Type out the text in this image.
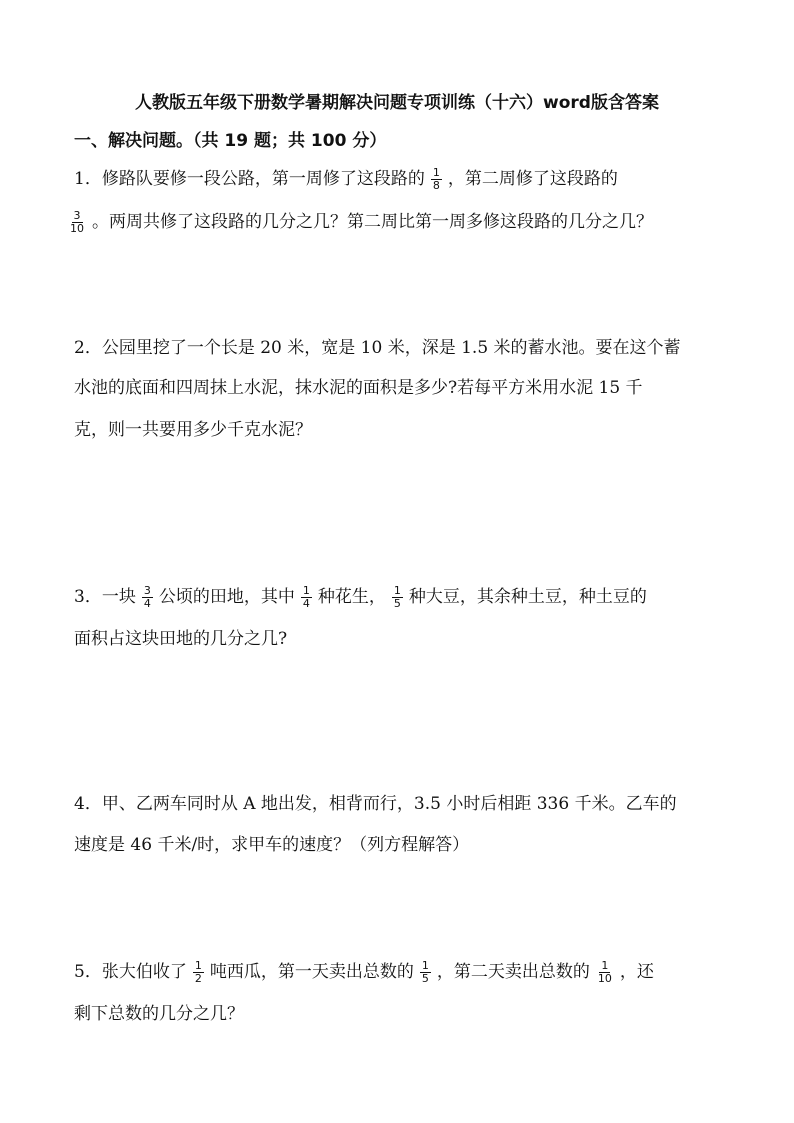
人教版五年级下册数学暑期解决问题专项训练（十六）word版含答案
一、解决问题。（共 19 题；共 100 分）
1．修路队要修一段公路，第一周修了这段路的 $\frac{1}{8}$ ，第二周修了这段路的
$\frac{3}{10}$ 。两周共修了这段路的几分之几？第二周比第一周多修这段路的几分之几？
2．公园里挖了一个长是 20 米，宽是 10 米，深是 1.5 米的蓄水池。要在这个蓄
水池的底面和四周抹上水泥，抹水泥的面积是多少?若每平方米用水泥 15 千
克，则一共要用多少千克水泥？
3．一块 $\frac{3}{4}$ 公顷的田地，其中 $\frac{1}{4}$ 种花生， $\frac{1}{5}$ 种大豆，其余种土豆，种土豆的
面积占这块田地的几分之几?
4．甲、乙两车同时从 A 地出发，相背而行，3.5 小时后相距 336 千米。乙车的
速度是 46 千米/时，求甲车的速度？（列方程解答）
5．张大伯收了 $\frac{1}{2}$ 吨西瓜，第一天卖出总数的 $\frac{1}{5}$ ，第二天卖出总数的 $\frac{1}{10}$ ，还
剩下总数的几分之几？
